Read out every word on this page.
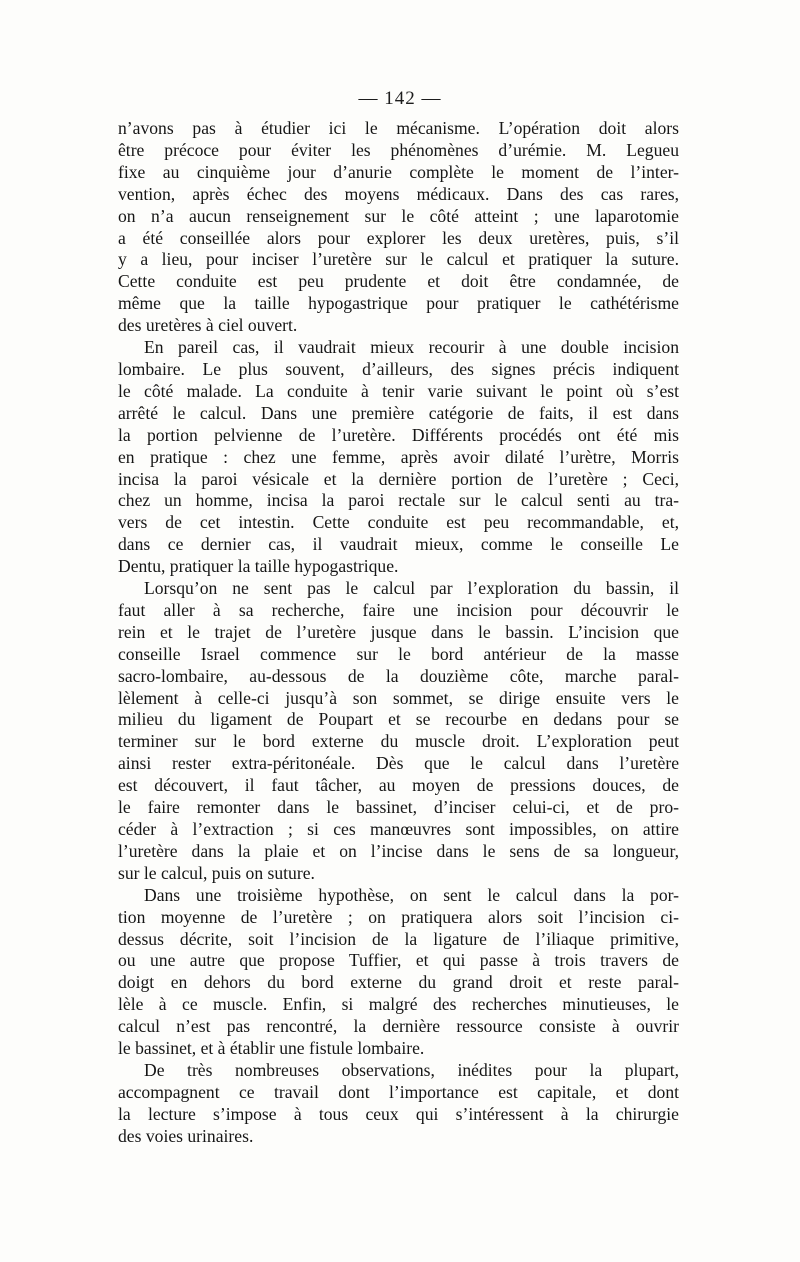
— 142 —
n’avons pas à étudier ici le mécanisme. L’opération doit alors
être précoce pour éviter les phénomènes d’urémie. M. Legueu
fixe au cinquième jour d’anurie complète le moment de l’inter-
vention, après échec des moyens médicaux. Dans des cas rares,
on n’a aucun renseignement sur le côté atteint ; une laparotomie
a été conseillée alors pour explorer les deux uretères, puis, s’il
y a lieu, pour inciser l’uretère sur le calcul et pratiquer la suture.
Cette conduite est peu prudente et doit être condamnée, de
même que la taille hypogastrique pour pratiquer le cathétérisme
des uretères à ciel ouvert.
En pareil cas, il vaudrait mieux recourir à une double incision
lombaire. Le plus souvent, d’ailleurs, des signes précis indiquent
le côté malade. La conduite à tenir varie suivant le point où s’est
arrêté le calcul. Dans une première catégorie de faits, il est dans
la portion pelvienne de l’uretère. Différents procédés ont été mis
en pratique : chez une femme, après avoir dilaté l’urètre, Morris
incisa la paroi vésicale et la dernière portion de l’uretère ; Ceci,
chez un homme, incisa la paroi rectale sur le calcul senti au tra-
vers de cet intestin. Cette conduite est peu recommandable, et,
dans ce dernier cas, il vaudrait mieux, comme le conseille Le
Dentu, pratiquer la taille hypogastrique.
Lorsqu’on ne sent pas le calcul par l’exploration du bassin, il
faut aller à sa recherche, faire une incision pour découvrir le
rein et le trajet de l’uretère jusque dans le bassin. L’incision que
conseille Israel commence sur le bord antérieur de la masse
sacro-lombaire, au-dessous de la douzième côte, marche paral-
lèlement à celle-ci jusqu’à son sommet, se dirige ensuite vers le
milieu du ligament de Poupart et se recourbe en dedans pour se
terminer sur le bord externe du muscle droit. L’exploration peut
ainsi rester extra-péritonéale. Dès que le calcul dans l’uretère
est découvert, il faut tâcher, au moyen de pressions douces, de
le faire remonter dans le bassinet, d’inciser celui-ci, et de pro-
céder à l’extraction ; si ces manœuvres sont impossibles, on attire
l’uretère dans la plaie et on l’incise dans le sens de sa longueur,
sur le calcul, puis on suture.
Dans une troisième hypothèse, on sent le calcul dans la por-
tion moyenne de l’uretère ; on pratiquera alors soit l’incision ci-
dessus décrite, soit l’incision de la ligature de l’iliaque primitive,
ou une autre que propose Tuffier, et qui passe à trois travers de
doigt en dehors du bord externe du grand droit et reste paral-
lèle à ce muscle. Enfin, si malgré des recherches minutieuses, le
calcul n’est pas rencontré, la dernière ressource consiste à ouvrir
le bassinet, et à établir une fistule lombaire.
De très nombreuses observations, inédites pour la plupart,
accompagnent ce travail dont l’importance est capitale, et dont
la lecture s’impose à tous ceux qui s’intéressent à la chirurgie
des voies urinaires.
